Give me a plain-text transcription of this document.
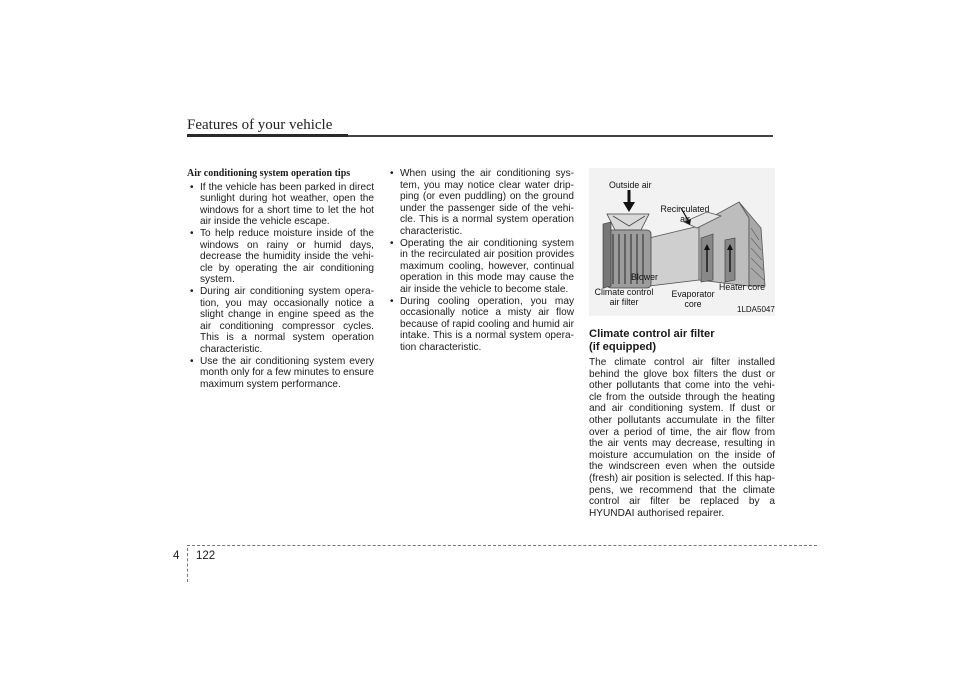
Features of your vehicle
Air conditioning system operation tips
• If the vehicle has been parked in direct sunlight during hot weather, open the windows for a short time to let the hot air inside the vehicle escape.
• To help reduce moisture inside of the windows on rainy or humid days, decrease the humidity inside the vehi-cle by operating the air conditioning system.
• During air conditioning system opera-tion, you may occasionally notice a slight change in engine speed as the air conditioning compressor cycles. This is a normal system operation characteristic.
• Use the air conditioning system every month only for a few minutes to ensure maximum system performance.
• When using the air conditioning sys-tem, you may notice clear water drip-ping (or even puddling) on the ground under the passenger side of the vehi-cle. This is a normal system operation characteristic.
• Operating the air conditioning system in the recirculated air position provides maximum cooling, however, continual operation in this mode may cause the air inside the vehicle to become stale.
• During cooling operation, you may occasionally notice a misty air flow because of rapid cooling and humid air intake. This is a normal system opera-tion characteristic.
Outside air
Recirculated
air
Blower
Climate control
air filter
Evaporator
core
Heater core
1LDA5047
Climate control air filter
(if equipped)

The climate control air filter installed behind the glove box filters the dust or other pollutants that come into the vehi-cle from the outside through the heating and air conditioning system. If dust or other pollutants accumulate in the filter over a period of time, the air flow from the air vents may decrease, resulting in moisture accumulation on the inside of the windscreen even when the outside (fresh) air position is selected. If this hap-pens, we recommend that the climate control air filter be replaced by a HYUNDAI authorised repairer.

4 122
